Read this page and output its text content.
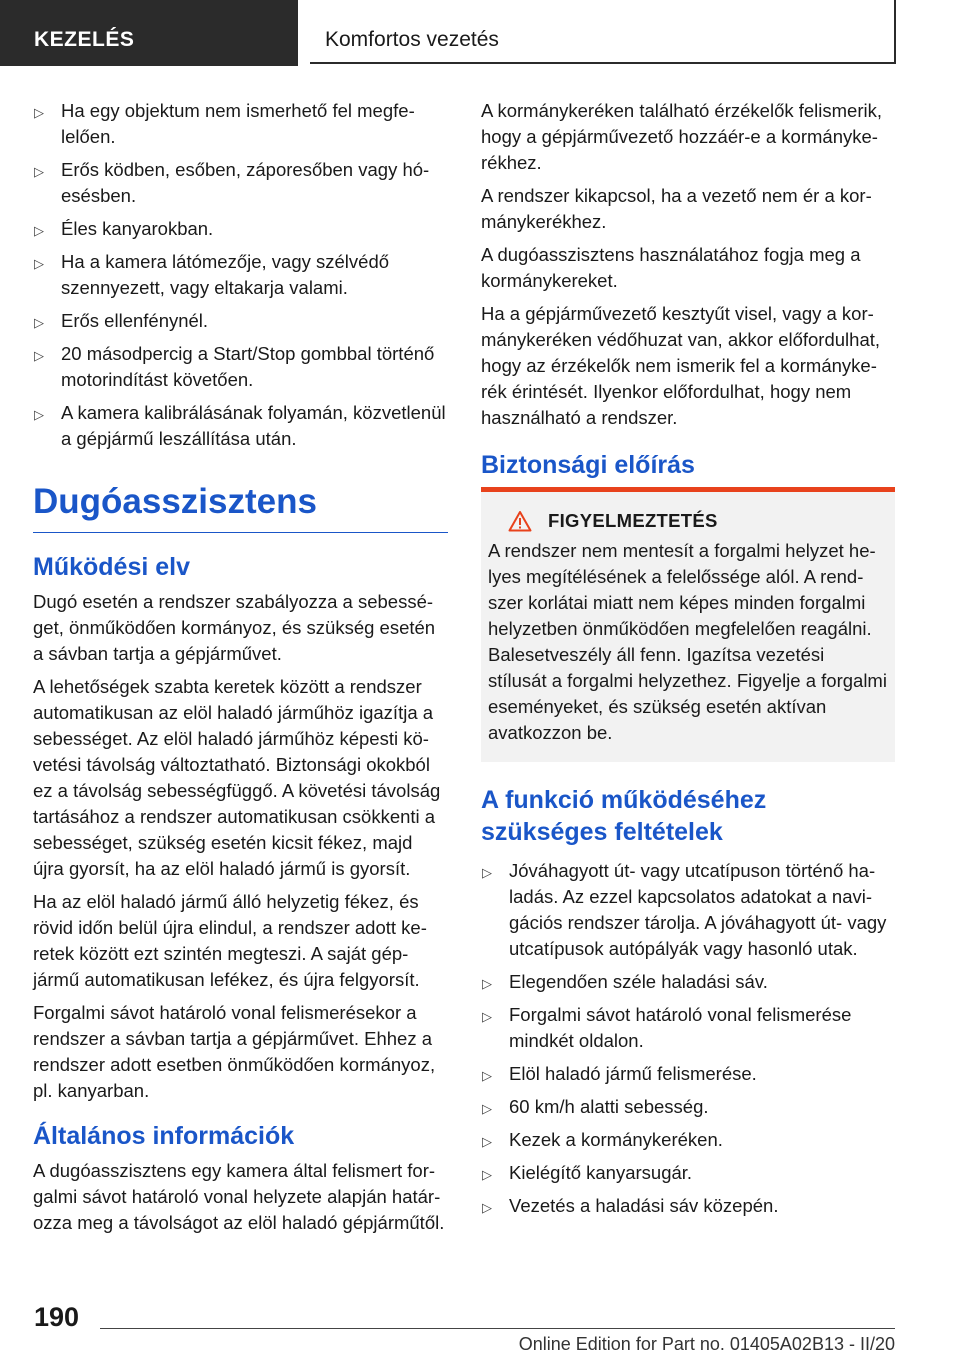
KEZELÉS	Komfortos vezetés
▷ Ha egy objektum nem ismerhető fel megfelelően.
▷ Erős ködben, esőben, záporesőben vagy hóesésben.
▷ Éles kanyarokban.
▷ Ha a kamera látómezője, vagy szélvédő szennyezett, vagy eltakarja valami.
▷ Erős ellenfénynél.
▷ 20 másodpercig a Start/Stop gombbal történő motorindítást követően.
▷ A kamera kalibrálásának folyamán, közvetlenül a gépjármű leszállítása után.
Dugóasszisztens
Működési elv

Dugó esetén a rendszer szabályozza a sebességet, önműködően kormányoz, és szükség esetén a sávban tartja a gépjárművet.

A lehetőségek szabta keretek között a rendszer automatikusan az elöl haladó járműhöz igazítja a sebességet. Az elöl haladó járműhöz képesti követési távolság változtatható. Biztonsági okokból ez a távolság sebességfüggő. A követési távolság tartásához a rendszer automatikusan csökkenti a sebességet, szükség esetén kicsit fékez, majd újra gyorsít, ha az elöl haladó jármű is gyorsít.

Ha az elöl haladó jármű álló helyzetig fékez, és rövid időn belül újra elindul, a rendszer adott keretek között ezt szintén megteszi. A saját gépjármű automatikusan lefékez, és újra felgyorsít.

Forgalmi sávot határoló vonal felismerésekor a rendszer a sávban tartja a gépjárművet. Ehhez a rendszer adott esetben önműködően kormányoz, pl. kanyarban.

Általános információk

A dugóasszisztens egy kamera által felismert forgalmi sávot határoló vonal helyzete alapján határozza meg a távolságot az elöl haladó gépjárműtől.

A kormánykeréken található érzékelők felismerik, hogy a gépjárművezető hozzáér-e a kormánykerékhez.

A rendszer kikapcsol, ha a vezető nem ér a kormánykerékhez.

A dugóasszisztens használatához fogja meg a kormánykereket.

Ha a gépjárművezető kesztyűt visel, vagy a kormánykeréken védőhuzat van, akkor előfordulhat, hogy az érzékelők nem ismerik fel a kormánykerék érintését. Ilyenkor előfordulhat, hogy nem használható a rendszer.

Biztonsági előírás
FIGYELMEZTETÉS

A rendszer nem mentesít a forgalmi helyzet helyes megítélésének a felelőssége alól. A rendszer korlátai miatt nem képes minden forgalmi helyzetben önműködően megfelelően reagálni. Balesetveszély áll fenn. Igazítsa vezetési stílusát a forgalmi helyzethez. Figyelje a forgalmi eseményeket, és szükség esetén aktívan avatkozzon be.

A funkció működéséhez szükséges feltételek
▷ Jóváhagyott út- vagy utcatípuson történő haladás. Az ezzel kapcsolatos adatokat a navigációs rendszer tárolja. A jóváhagyott út- vagy utcatípusok autópályák vagy hasonló utak.
▷ Elegendően széle haladási sáv.
▷ Forgalmi sávot határoló vonal felismerése mindkét oldalon.
▷ Elöl haladó jármű felismerése.
▷ 60 km/h alatti sebesség.
▷ Kezek a kormánykeréken.
▷ Kielégítő kanyarsugár.
▷ Vezetés a haladási sáv közepén.
190
Online Edition for Part no. 01405A02B13 - II/20
